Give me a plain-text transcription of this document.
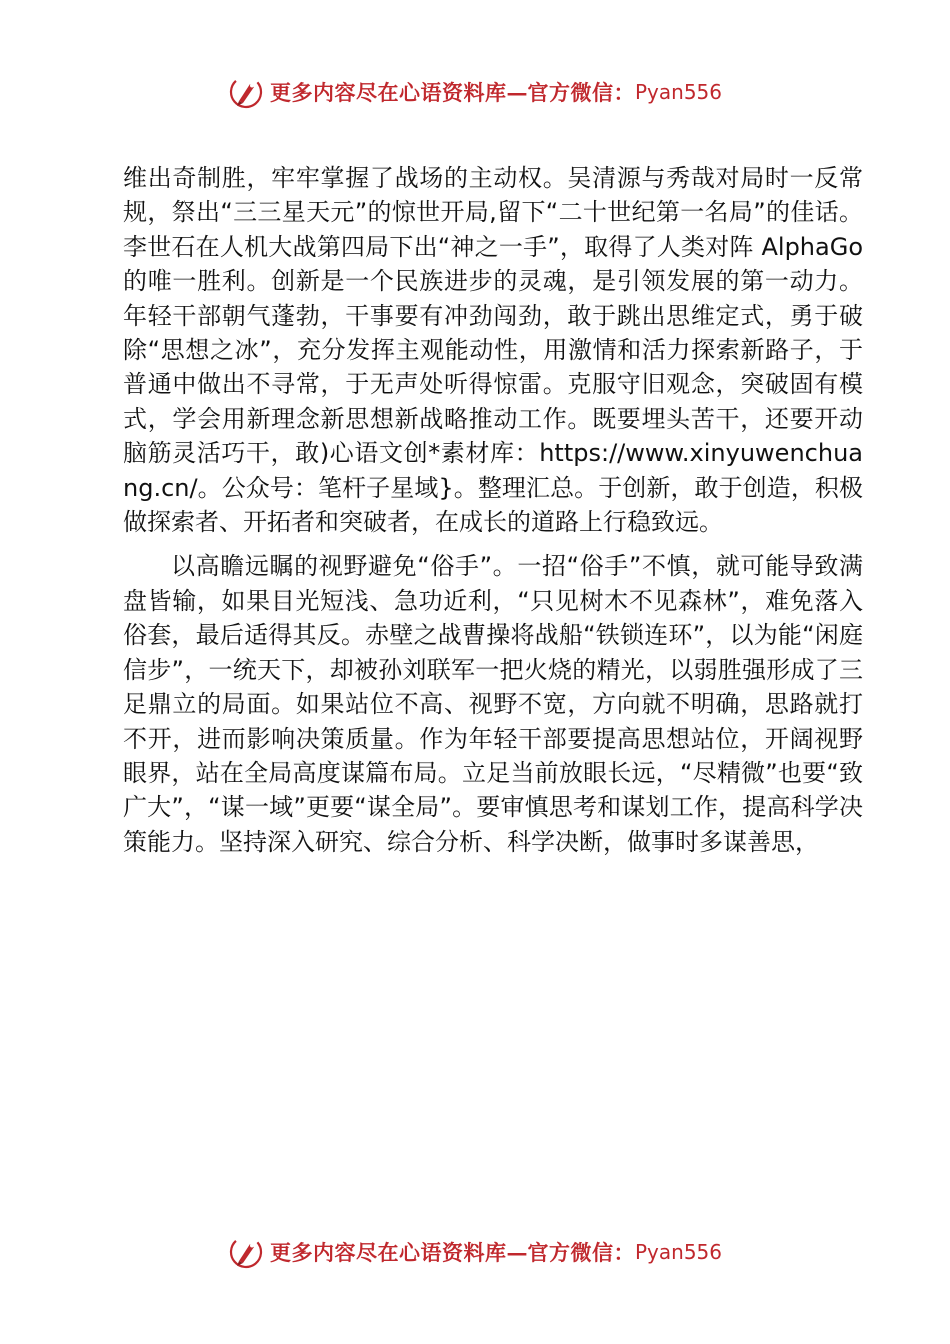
更多内容尽在心语资料库 — 官方微信： Pyan556

维出奇制胜，牢牢掌握了战场的主动权。吴清源与秀哉对局时一反常规，祭出“三三星天元”的惊世开局,留下“二十世纪第一名局”的佳话。李世石在人机大战第四局下出“神之一手”，取得了人类对阵 AlphaGo 的唯一胜利。创新是一个民族进步的灵魂，是引领发展的第一动力。年轻干部朝气蓬勃，干事要有冲劲闯劲，敢于跳出思维定式，勇于破除“思想之冰”，充分发挥主观能动性，用激情和活力探索新路子，于普通中做出不寻常，于无声处听得惊雷。克服守旧观念，突破固有模式，学会用新理念新思想新战略推动工作。既要埋头苦干，还要开动脑筋灵活巧干，敢)心语文创*素材库：https://www.xinyuwenchuang.cn/。公众号：笔杆子星域}。整理汇总。于创新，敢于创造，积极做探索者、开拓者和突破者，在成长的道路上行稳致远。

以高瞻远瞩的视野避免“俗手”。一招“俗手”不慎，就可能导致满盘皆输，如果目光短浅、急功近利，“只见树木不见森林”，难免落入俗套，最后适得其反。赤壁之战曹操将战船“铁锁连环”，以为能“闲庭信步”，一统天下，却被孙刘联军一把火烧的精光，以弱胜强形成了三足鼎立的局面。如果站位不高、视野不宽，方向就不明确，思路就打不开，进而影响决策质量。作为年轻干部要提高思想站位，开阔视野眼界，站在全局高度谋篇布局。立足当前放眼长远，“尽精微”也要“致广大”，“谋一域”更要“谋全局”。要审慎思考和谋划工作，提高科学决策能力。坚持深入研究、综合分析、科学决断，做事时多谋善思，

更多内容尽在心语资料库 — 官方微信： Pyan556
